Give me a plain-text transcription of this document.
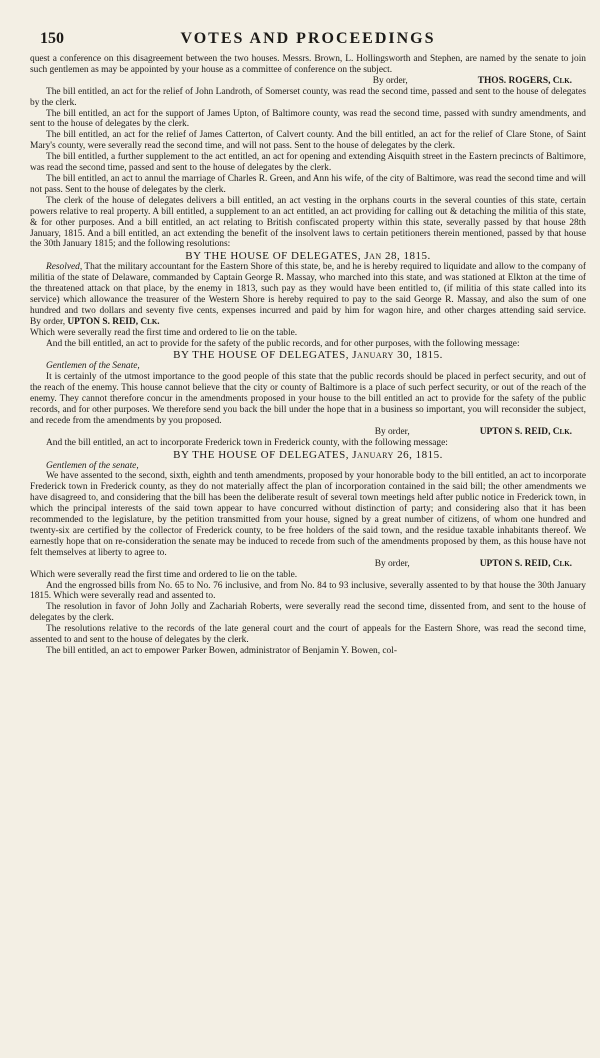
150	VOTES AND PROCEEDINGS

quest a conference on this disagreement between the two houses. Messrs. Brown, L. Hollingsworth and Stephen, are named by the senate to join such gentlemen as may be appointed by your house as a committee of conference on the subject.

By order,	THOS. ROGERS, Clk.

The bill entitled, an act for the relief of John Landroth, of Somerset county, was read the second time, passed and sent to the house of delegates by the clerk.

The bill entitled, an act for the support of James Upton, of Baltimore county, was read the second time, passed with sundry amendments, and sent to the house of delegates by the clerk.

The bill entitled, an act for the relief of James Catterton, of Calvert county. And the bill entitled, an act for the relief of Clare Stone, of Saint Mary's county, were severally read the second time, and will not pass. Sent to the house of delegates by the clerk.

The bill entitled, a further supplement to the act entitled, an act for opening and extending Aisquith street in the Eastern precincts of Baltimore, was read the second time, passed and sent to the house of delegates by the clerk.

The bill entitled, an act to annul the marriage of Charles R. Green, and Ann his wife, of the city of Baltimore, was read the second time and will not pass. Sent to the house of delegates by the clerk.

The clerk of the house of delegates delivers a bill entitled, an act vesting in the orphans courts in the several counties of this state, certain powers relative to real property. A bill entitled, a supplement to an act entitled, an act providing for calling out & detaching the militia of this state, & for other purposes. And a bill entitled, an act relating to British confiscated property within this state, severally passed by that house 28th January, 1815. And a bill entitled, an act extending the benefit of the insolvent laws to certain petitioners therein mentioned, passed by that house the 30th January 1815; and the following resolutions:

BY THE HOUSE OF DELEGATES, Jan 28, 1815.

Resolved, That the military accountant for the Eastern Shore of this state, be, and he is hereby required to liquidate and allow to the company of militia of the state of Delaware, commanded by Captain George R. Massay, who marched into this state, and was stationed at Elkton at the time of the threatened attack on that place, by the enemy in 1813, such pay as they would have been entitled to, (if militia of this state called into its service) which allowance the treasurer of the Western Shore is hereby required to pay to the said George R. Massay, and also the sum of one hundred and two dollars and seventy five cents, expenses incurred and paid by him for wagon hire, and other charges attending said service. By order, UPTON S. REID, Clk.

Which were severally read the first time and ordered to lie on the table.

And the bill entitled, an act to provide for the safety of the public records, and for other purposes, with the following message:

BY THE HOUSE OF DELEGATES, January 30, 1815.

Gentlemen of the Senate,

It is certainly of the utmost importance to the good people of this state that the public records should be placed in perfect security, and out of the reach of the enemy. This house cannot believe that the city or county of Baltimore is a place of such perfect security, or out of the reach of the enemy. They cannot therefore concur in the amendments proposed in your house to the bill entitled an act to provide for the safety of the public records, and for other purposes. We therefore send you back the bill under the hope that in a business so important, you will reconsider the subject, and recede from the amendments by you proposed.

By order,	UPTON S. REID, Clk.

And the bill entitled, an act to incorporate Frederick town in Frederick county, with the following message:

BY THE HOUSE OF DELEGATES, January 26, 1815.

Gentlemen of the senate,

We have assented to the second, sixth, eighth and tenth amendments, proposed by your honorable body to the bill entitled, an act to incorporate Frederick town in Frederick county, as they do not materially affect the plan of incorporation contained in the said bill; the other amendments we have disagreed to, and considering that the bill has been the deliberate result of several town meetings held after public notice in Frederick town, in which the principal interests of the said town appear to have concurred without distinction of party; and considering also that it has been recommended to the legislature, by the petition transmitted from your house, signed by a great number of citizens, of whom one hundred and twenty-six are certified by the collector of Frederick county, to be free holders of the said town, and the residue taxable inhabitants thereof. We earnestly hope that on re-consideration the senate may be induced to recede from such of the amendments proposed by them, as this house have not felt themselves at liberty to agree to.

By order,	UPTON S. REID, Clk.

Which were severally read the first time and ordered to lie on the table.

And the engrossed bills from No. 65 to No. 76 inclusive, and from No. 84 to 93 inclusive, severally assented to by that house the 30th January 1815. Which were severally read and assented to.

The resolution in favor of John Jolly and Zachariah Roberts, were severally read the second time, dissented from, and sent to the house of delegates by the clerk.

The resolutions relative to the records of the late general court and the court of appeals for the Eastern Shore, was read the second time, assented to and sent to the house of delegates by the clerk.

The bill entitled, an act to empower Parker Bowen, administrator of Benjamin Y. Bowen, col-
